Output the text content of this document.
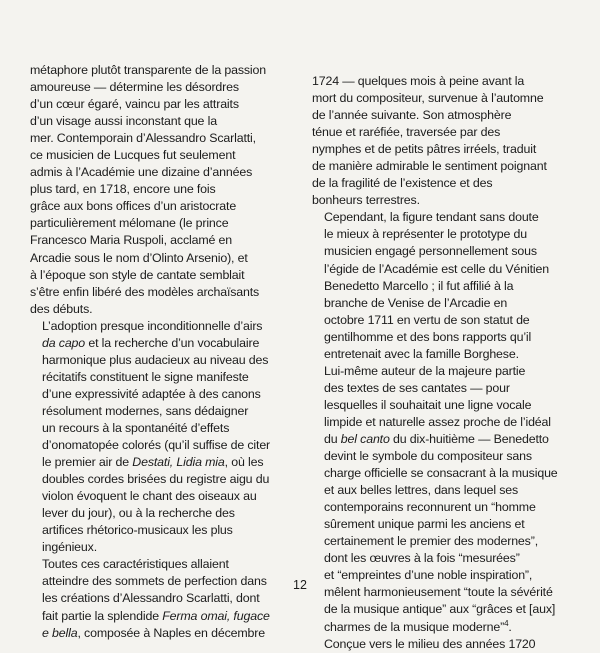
métaphore plutôt transparente de la passion
amoureuse — détermine les désordres
d’un cœur égaré, vaincu par les attraits
d’un visage aussi inconstant que la
mer. Contemporain d’Alessandro Scarlatti,
ce musicien de Lucques fut seulement
admis à l’Académie une dizaine d’années
plus tard, en 1718, encore une fois
grâce aux bons offices d’un aristocrate
particulièrement mélomane (le prince
Francesco Maria Ruspoli, acclamé en
Arcadie sous le nom d’Olinto Arsenio), et
à l’époque son style de cantate semblait
s’être enfin libéré des modèles archaïsants
des débuts.

L’adoption presque inconditionnelle d’airs
da capo et la recherche d’un vocabulaire
harmonique plus audacieux au niveau des
récitatifs constituent le signe manifeste
d’une expressivité adaptée à des canons
résolument modernes, sans dédaigner
un recours à la spontanéité d’effets
d’onomatopée colorés (qu’il suffise de citer
le premier air de Destati, Lidia mia, où les
doubles cordes brisées du registre aigu du
violon évoquent le chant des oiseaux au
lever du jour), ou à la recherche des
artifices rhétorico-musicaux les plus
ingénieux.

Toutes ces caractéristiques allaient
atteindre des sommets de perfection dans
les créations d’Alessandro Scarlatti, dont
fait partie la splendide Ferma omai, fugace
e bella, composée à Naples en décembre

1724 — quelques mois à peine avant la
mort du compositeur, survenue à l’automne
de l’année suivante. Son atmosphère
ténue et raréfiée, traversée par des
nymphes et de petits pâtres irréels, traduit
de manière admirable le sentiment poignant
de la fragilité de l’existence et des
bonheurs terrestres.

Cependant, la figure tendant sans doute
le mieux à représenter le prototype du
musicien engagé personnellement sous
l’égide de l’Académie est celle du Vénitien
Benedetto Marcello ; il fut affilié à la
branche de Venise de l’Arcadie en
octobre 1711 en vertu de son statut de
gentilhomme et des bons rapports qu’il
entretenait avec la famille Borghese.

Lui-même auteur de la majeure partie
des textes de ses cantates — pour
lesquelles il souhaitait une ligne vocale
limpide et naturelle assez proche de l’idéal
du bel canto du dix-huitième — Benedetto
devint le symbole du compositeur sans
charge officielle se consacrant à la musique
et aux belles lettres, dans lequel ses
contemporains reconnurent un “homme
sûrement unique parmi les anciens et
certainement le premier des modernes”,
dont les œuvres à la fois “mesurées”
et “empreintes d’une noble inspiration”,
mêlent harmonieusement “toute la sévérité
de la musique antique” aux “grâces et [aux]
charmes de la musique moderne”$^4$.

Conçue vers le milieu des années 1720

12
